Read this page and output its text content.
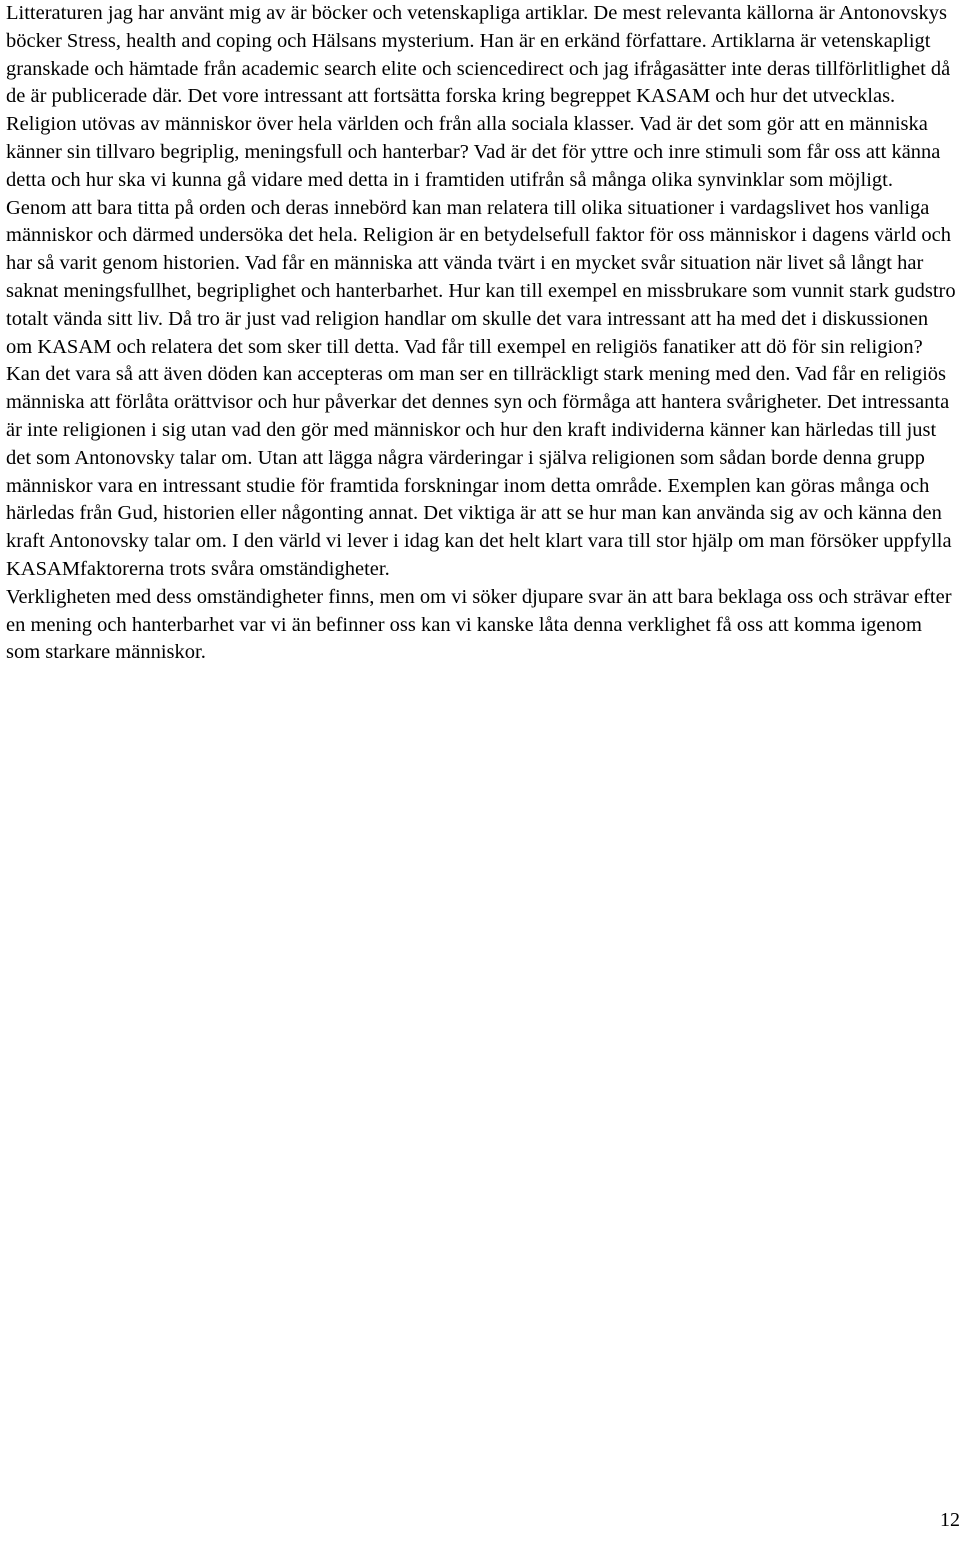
Litteraturen jag har använt mig av är böcker och vetenskapliga artiklar. De mest relevanta källorna är Antonovskys böcker Stress, health and coping och Hälsans mysterium. Han är en erkänd författare. Artiklarna är vetenskapligt granskade och hämtade från academic search elite och sciencedirect och jag ifrågasätter inte deras tillförlitlighet då de är publicerade där. Det vore intressant att fortsätta forska kring begreppet KASAM och hur det utvecklas. Religion utövas av människor över hela världen och från alla sociala klasser. Vad är det som gör att en människa känner sin tillvaro begriplig, meningsfull och hanterbar? Vad är det för yttre och inre stimuli som får oss att känna detta och hur ska vi kunna gå vidare med detta in i framtiden utifrån så många olika synvinklar som möjligt. Genom att bara titta på orden och deras innebörd kan man relatera till olika situationer i vardagslivet hos vanliga människor och därmed undersöka det hela. Religion är en betydelsefull faktor för oss människor i dagens värld och har så varit genom historien. Vad får en människa att vända tvärt i en mycket svår situation när livet så långt har saknat meningsfullhet, begriplighet och hanterbarhet. Hur kan till exempel en missbrukare som vunnit stark gudstro totalt vända sitt liv. Då tro är just vad religion handlar om skulle det vara intressant att ha med det i diskussionen om KASAM och relatera det som sker till detta. Vad får till exempel en religiös fanatiker att dö för sin religion? Kan det vara så att även döden kan accepteras om man ser en tillräckligt stark mening med den. Vad får en religiös människa att förlåta orättvisor och hur påverkar det dennes syn och förmåga att hantera svårigheter. Det intressanta är inte religionen i sig utan vad den gör med människor och hur den kraft individerna känner kan härledas till just det som Antonovsky talar om. Utan att lägga några värderingar i själva religionen som sådan borde denna grupp människor vara en intressant studie för framtida forskningar inom detta område. Exemplen kan göras många och härledas från Gud, historien eller någonting annat. Det viktiga är att se hur man kan använda sig av och känna den kraft Antonovsky talar om. I den värld vi lever i idag kan det helt klart vara till stor hjälp om man försöker uppfylla KASAMfaktorerna trots svåra omständigheter.

Verkligheten med dess omständigheter finns, men om vi söker djupare svar än att bara beklaga oss och strävar efter en mening och hanterbarhet var vi än befinner oss kan vi kanske låta denna verklighet få oss att komma igenom som starkare människor.

12
